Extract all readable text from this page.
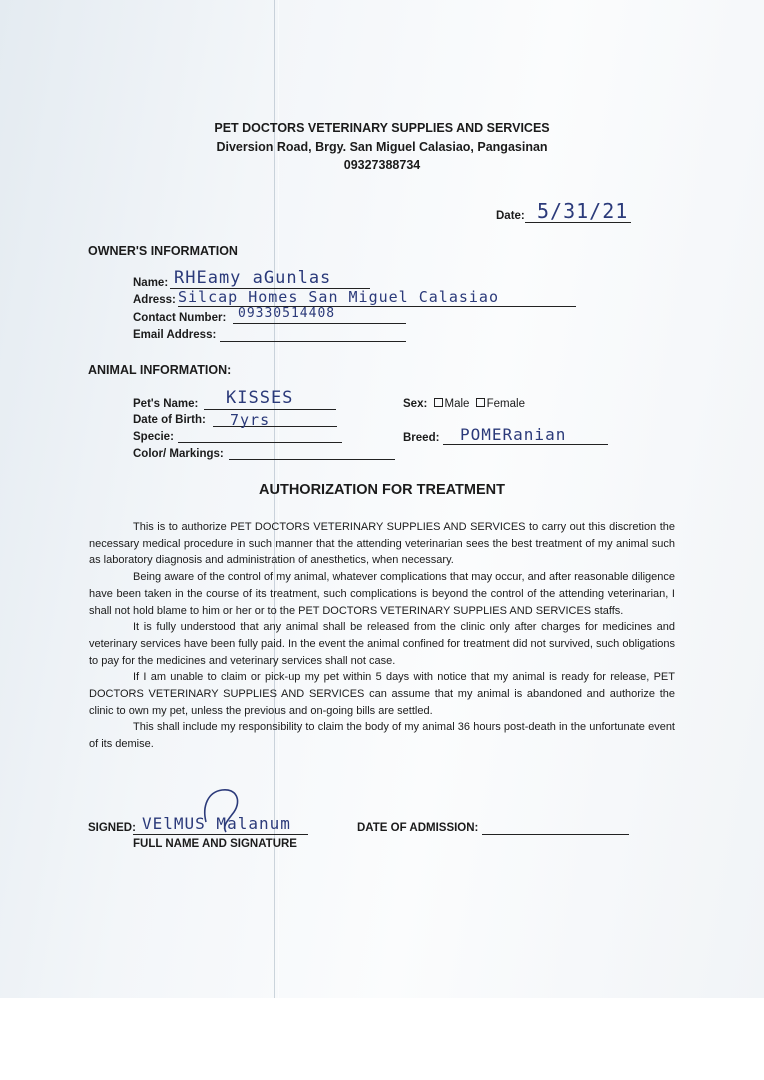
PET DOCTORS VETERINARY SUPPLIES AND SERVICES
Diversion Road, Brgy. San Miguel Calasiao, Pangasinan
09327388734
Date: 5/31/21
OWNER'S INFORMATION
Name: RHEamy aGunlas
Adress: Silcap Homes San Miguel Calasiao
Contact Number: 09330514408
Email Address:
ANIMAL INFORMATION:
Pet's Name: KISSES
Date of Birth: 7yrs
Specie:
Color/ Markings:
Sex: Male Female
Breed: POMERanian
AUTHORIZATION FOR TREATMENT

This is to authorize PET DOCTORS VETERINARY SUPPLIES AND SERVICES to carry out this discretion the necessary medical procedure in such manner that the attending veterinarian sees the best treatment of my animal such as laboratory diagnosis and administration of anesthetics, when necessary.

Being aware of the control of my animal, whatever complications that may occur, and after reasonable diligence have been taken in the course of its treatment, such complications is beyond the control of the attending veterinarian, I shall not hold blame to him or her or to the PET DOCTORS VETERINARY SUPPLIES AND SERVICES staffs.

It is fully understood that any animal shall be released from the clinic only after charges for medicines and veterinary services have been fully paid. In the event the animal confined for treatment did not survived, such obligations to pay for the medicines and veterinary services shall not case.

If I am unable to claim or pick-up my pet within 5 days with notice that my animal is ready for release, PET DOCTORS VETERINARY SUPPLIES AND SERVICES can assume that my animal is abandoned and authorize the clinic to own my pet, unless the previous and on-going bills are settled.

This shall include my responsibility to claim the body of my animal 36 hours post-death in the unfortunate event of its demise.

SIGNED: VElMUS Malanum
FULL NAME AND SIGNATURE
DATE OF ADMISSION:
